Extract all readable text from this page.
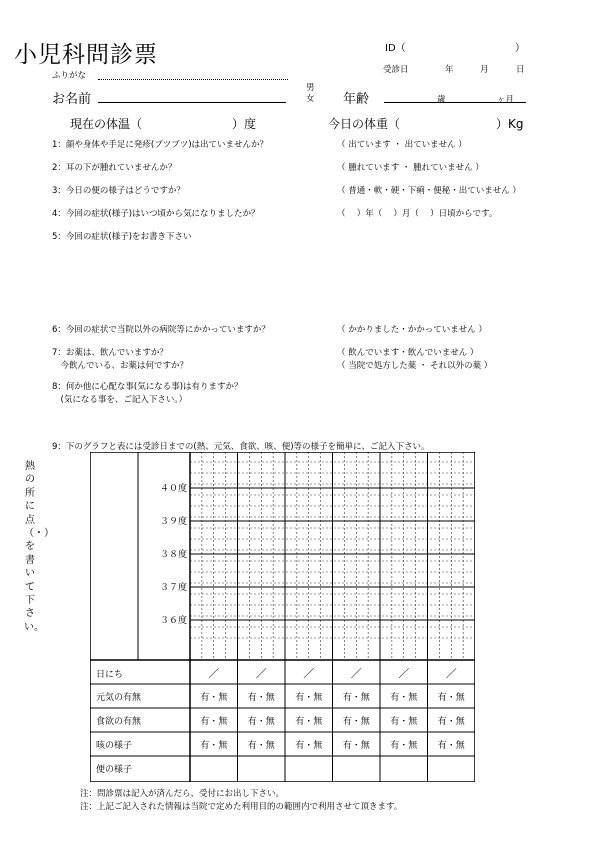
小児科問診票	ID（	）
受診日	年	月	日
ふりがな
お名前
男
女 年齢	歳	ヶ月
現在の体温（	）度	今日の体重（	）Kg
1：顔や身体や手足に発疹(ブツブツ)は出ていませんか？	（ 出ています ・ 出ていません ）
2：耳の下が腫れていませんか？	（ 腫れています ・ 腫れていません ）
3：今日の便の様子はどうですか？	（ 普通・軟・硬・下痢・便秘・出ていません ）
4：今回の症状(様子)はいつ頃から気になりましたか？	（　 ）年（　 ）月（　 ）日頃からです。
5：今回の症状(様子)をお書き下さい
6：今回の症状で当院以外の病院等にかかっていますか？	（ かかりました・かかっていません ）
7：お薬は、飲んでいますか？	（ 飲んでいます・飲んでいません ）
　今飲んでいる、お薬は何ですか？	（ 当院で処方した薬 ・ それ以外の薬 ）
8：何か他に心配な事(気になる事)は有りますか？
　(気になる事を、ご記入下さい。）
9：下のグラフと表には受診日までの(熱、元気、食欲、咳、便)等の様子を簡単に、ご記入下さい。
熱の所に点（・）を書いて下さい。
４０度
３９度
３８度
３７度
３６度
日にち	／	／	／	／	／	／
元気の有無	有・無 有・無 有・無 有・無 有・無 有・無
食欲の有無	有・無 有・無 有・無 有・無 有・無 有・無
咳の様子	有・無 有・無 有・無 有・無 有・無 有・無
便の様子
注：問診票は記入が済んだら、受付にお出し下さい。
注：上記ご記入された情報は当院で定めた利用目的の範囲内で利用させて頂きます。
